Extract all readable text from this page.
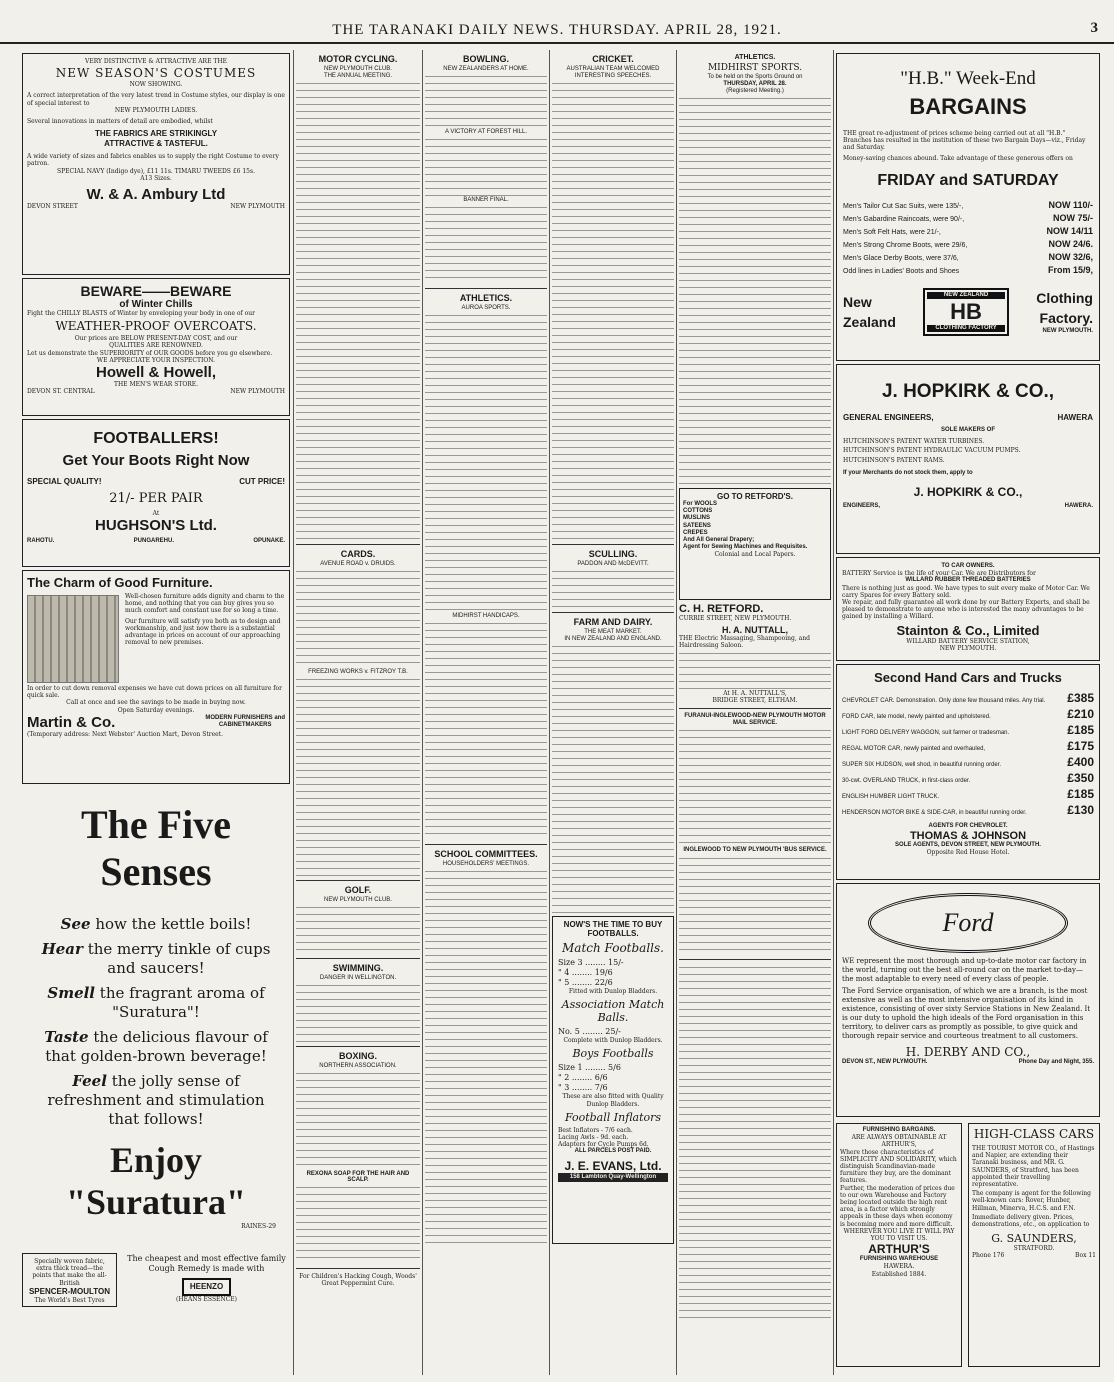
THE TARANAKI DAILY NEWS. THURSDAY. APRIL 28, 1921.	3
VERY DISTINCTIVE & ATTRACTIVE ARE THE
NEW SEASON'S COSTUMES
NOW SHOWING.
A correct interpretation of the very latest trend in Costume styles, our display is one of special interest to
NEW PLYMOUTH LADIES.
Several innovations in matters of detail are embodied, whilst
THE FABRICS ARE STRIKINGLY
ATTRACTIVE & TASTEFUL.
A wide variety of sizes and fabrics enables us to supply the right Costume to every patron.
SPECIAL NAVY (Indigo dye), £11 11s. TIMARU TWEEDS £6 15s.
A13 Sizes.
W. & A. Ambury Ltd
DEVON STREET	NEW PLYMOUTH
BEWARE——BEWARE
of Winter Chills
Fight the CHILLY BLASTS of Winter by enveloping your body in one of our
WEATHER-PROOF OVERCOATS.
Our prices are BELOW PRESENT-DAY COST, and our
QUALITIES ARE RENOWNED.
Let us demonstrate the SUPERIORITY of OUR GOODS before you go elsewhere.
WE APPRECIATE YOUR INSPECTION.
Howell & Howell,
THE MEN'S WEAR STORE.
DEVON ST. CENTRAL	NEW PLYMOUTH
FOOTBALLERS!
Get Your Boots Right Now
SPECIAL QUALITY!	CUT PRICE!
21/- PER PAIR
At
HUGHSON'S Ltd.
RAHOTU.	PUNGAREHU.	OPUNAKE.
The Charm of Good Furniture.
Well-chosen furniture adds dignity and charm to the home, and nothing that you can buy gives you so much comfort and constant use for so long a time.
Our furniture will satisfy you both as to design and workmanship, and just now there is a substantial advantage in prices on account of our approaching removal to new premises.
In order to cut down removal expenses we have cut down prices on all furniture for quick sale.
Call at once and see the savings to be made in buying now.
Open Saturday evenings.
Martin & Co.	MODERN FURNISHERS and
CABINETMAKERS
(Temporary address: Next Webster' Auction Mart, Devon Street.
The Five Senses
See how the kettle boils!
Hear the merry tinkle of cups and saucers!
Smell the fragrant aroma of "Suratura"!
Taste the delicious flavour of that golden-brown beverage!
Feel the jolly sense of refreshment and stimulation that follows!
Enjoy "Suratura"
RAINES-29
Specially woven fabric, extra thick tread—the points that make the all-British
SPENCER-MOULTON
The World's Best Tyres
The cheapest and most effective family Cough Remedy is made with
HEENZO
(HEANS ESSENCE)
MOTOR CYCLING.
NEW PLYMOUTH CLUB.
THE ANNUAL MEETING.
CARDS.
AVENUE ROAD v. DRUIDS.
FREEZING WORKS v. FITZROY T.B.
GOLF.
NEW PLYMOUTH CLUB.
SWIMMING.
DANGER IN WELLINGTON.
BOXING.
NORTHERN ASSOCIATION.
REXONA SOAP FOR THE HAIR AND SCALP.
For Children's Hacking Cough, Woods' Great Peppermint Cure.
BOWLING.
NEW ZEALANDERS AT HOME.
A VICTORY AT FOREST HILL.
BANNER FINAL.
ATHLETICS.
AUROA SPORTS.
MIDHIRST HANDICAPS.
SCHOOL COMMITTEES.
HOUSEHOLDERS' MEETINGS.
CRICKET.
AUSTRALIAN TEAM WELCOMED
INTERESTING SPEECHES.
SCULLING.
PADDON AND McDEVITT.
FARM AND DAIRY.
THE MEAT MARKET.
IN NEW ZEALAND AND ENGLAND.
NOW'S THE TIME TO BUY FOOTBALLS.
Match Footballs.
Size 3 ........ 15/-
" 4 ........ 19/6
" 5 ........ 22/6
Fitted with Dunlop Bladders.
Association Match Balls.
No. 5 ........ 25/-
Complete with Dunlop Bladders.
Boys Footballs
Size 1 ........ 5/6
" 2 ........ 6/6
" 3 ........ 7/6
These are also fitted with Quality Dunlop Bladders.
Football Inflators
Best Inflators - 7/6 each.
Lacing Awls - 9d. each.
Adapters for Cycle Pumps 6d.
ALL PARCELS POST PAID.
J. E. EVANS, Ltd.
158 Lambton Quay-Wellington
ATHLETICS.
MIDHIRST SPORTS.
To be held on the Sports Ground on
THURSDAY, APRIL 28.
(Registered Meeting.)
GO TO RETFORD'S.
For WOOLS
COTTONS
MUSLINS
SATEENS
CREPES
And All General Drapery;
Agent for Sewing Machines and Requisites.
Colonial and Local Papers.
C. H. RETFORD.
CURRIE STREET, NEW PLYMOUTH.
H. A. NUTTALL,
THE Electric Massaging, Shampooing, and Hairdressing Saloon.
At H. A. NUTTALL'S,
BRIDGE STREET, ELTHAM.
FURANUI-INGLEWOOD-NEW PLYMOUTH MOTOR MAIL SERVICE.
INGLEWOOD TO NEW PLYMOUTH 'BUS SERVICE.
"H.B." Week-End
BARGAINS
THE great re-adjustment of prices scheme being carried out at all "H.B." Branches has resulted in the institution of these two Bargain Days—viz., Friday and Saturday.
Money-saving chances abound. Take advantage of these generous offers on
FRIDAY and SATURDAY
Men's Tailor Cut Sac Suits, were 135/-,	NOW 110/-
Men's Gabardine Raincoats, were 90/-,	NOW 75/-
Men's Soft Felt Hats, were 21/-,	NOW 14/11
Men's Strong Chrome Boots, were 29/6,	NOW 24/6.
Men's Glace Derby Boots, were 37/6,	NOW 32/6,
Odd lines in Ladies' Boots and Shoes	From 15/9,
New
Zealand
NEW ZEALAND
HB
CLOTHING FACTORY
Clothing
Factory.
NEW PLYMOUTH.
J. HOPKIRK & CO.,
GENERAL ENGINEERS,	HAWERA
SOLE MAKERS OF
HUTCHINSON'S PATENT WATER TURBINES.
HUTCHINSON'S PATENT HYDRAULIC VACUUM PUMPS.
HUTCHINSON'S PATENT RAMS.
If your Merchants do not stock them, apply to
J. HOPKIRK & CO.,
ENGINEERS,	HAWERA.
TO CAR OWNERS.
BATTERY Service is the life of your Car. We are Distributors for
WILLARD RUBBER THREADED BATTERIES
There is nothing just as good. We have types to suit every make of Motor Car. We carry Spares for every Battery sold.
We repair, and fully guarantee all work done by our Battery Experts, and shall be pleased to demonstrate to anyone who is interested the many advantages to be gained by installing a Willard.
Stainton & Co., Limited
WILLARD BATTERY SERVICE STATION,
NEW PLYMOUTH.
Second Hand Cars and Trucks
CHEVROLET CAR. Demonstration. Only done few thousand miles. Any trial. £385
FORD CAR, late model, newly painted and upholstered.	£210
LIGHT FORD DELIVERY WAGGON, suit farmer or tradesman.	£185
REGAL MOTOR CAR, newly painted and overhauled,	£175
SUPER SIX HUDSON, well shod, in beautiful running order.	£400
30-cwt. OVERLAND TRUCK, in first-class order.	£350
ENGLISH HUMBER LIGHT TRUCK.	£185
HENDERSON MOTOR BIKE & SIDE-CAR, in beautiful running order.	£130
AGENTS FOR CHEVROLET.
THOMAS & JOHNSON
SOLE AGENTS, DEVON STREET, NEW PLYMOUTH.
Opposite Red House Hotel.
Ford
WE represent the most thorough and up-to-date motor car factory in the world, turning out the best all-round car on the market to-day—the most adaptable to every need of every class of people.
The Ford Service organisation, of which we are a branch, is the most extensive as well as the most intensive organisation of its kind in existence, consisting of over sixty Service Stations in New Zealand. It is our duty to uphold the high ideals of the Ford organisation in this territory, to deliver cars as promptly as possible, to give quick and thorough repair service and courteous treatment to all customers.
H. DERBY AND CO.,
DEVON ST., NEW PLYMOUTH.	Phone Day and Night, 355.
FURNISHING BARGAINS.
ARE ALWAYS OBTAINABLE AT ARTHUR'S,
Where those characteristics of SIMPLICITY AND SOLIDARITY, which distinguish Scandinavian-made furniture they buy, are the dominant features.
Further, the moderation of prices due to our own Warehouse and Factory being located outside the high rent area, is a factor which strongly appeals in these days when economy is becoming more and more difficult.
WHEREVER YOU LIVE IT WILL PAY YOU TO VISIT US.
ARTHUR'S
FURNISHING WAREHOUSE
HAWERA.
Established 1884.
HIGH-CLASS CARS
THE TOURIST MOTOR CO., of Hastings and Napier, are extending their Taranaki business, and MR. G. SAUNDERS, of Stratford, has been appointed their travelling representative.
The company is agent for the following well-known cars: Rover, Hunber, Hillman, Minerva, H.C.S. and F.N.
Immediate delivery given. Prices, demonstrations, etc., on application to
G. SAUNDERS,
STRATFORD.
Phone 176	Box 11
